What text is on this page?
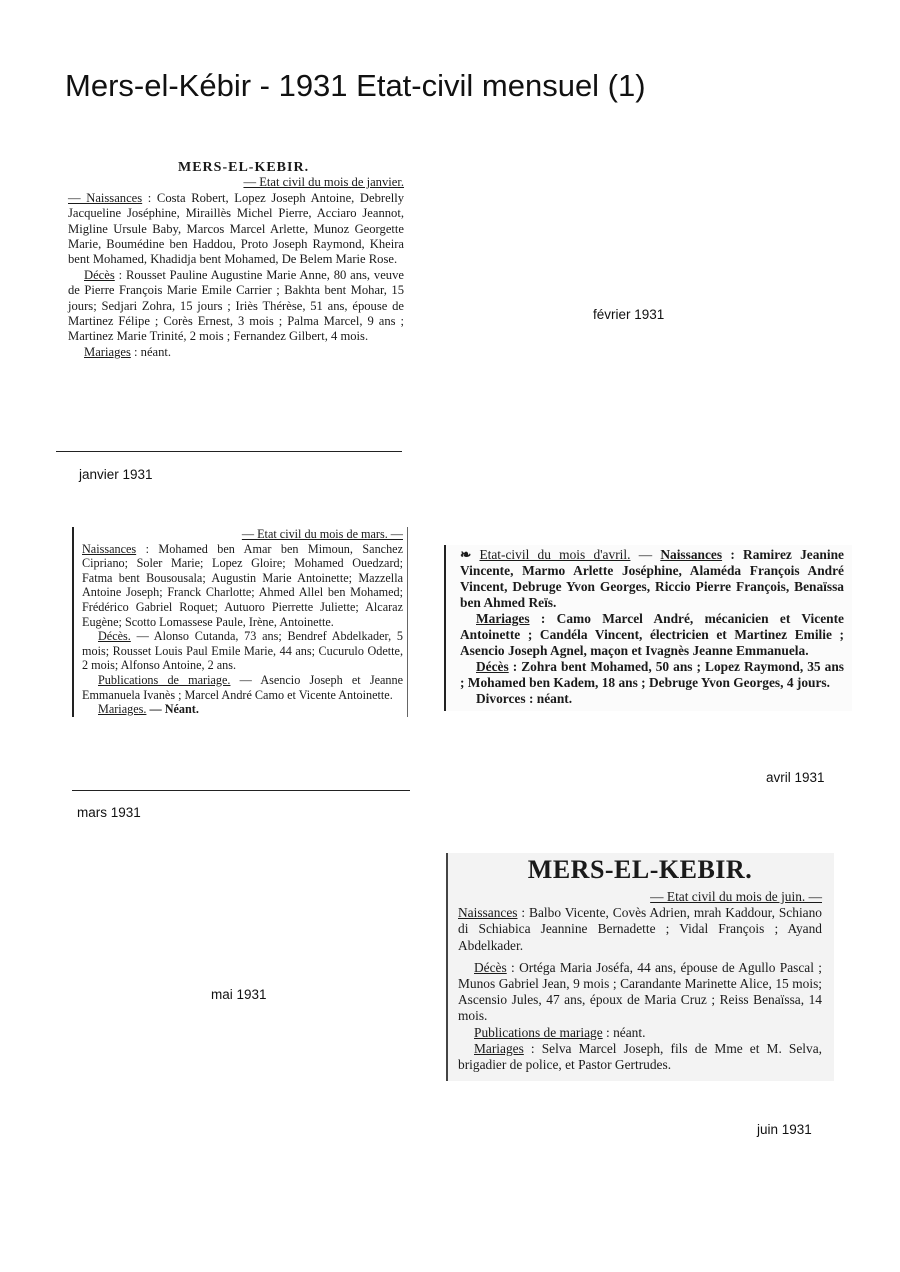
Mers-el-Kébir - 1931 Etat-civil mensuel (1)

MERS-EL-KEBIR.

— Etat civil du mois de janvier.

— Naissances : Costa Robert, Lopez Joseph Antoine, Debrelly Jacqueline Joséphine, Miraillès Michel Pierre, Acciaro Jeannot, Migline Ursule Baby, Marcos Marcel Arlette, Munoz Georgette Marie, Boumédine ben Haddou, Proto Joseph Raymond, Kheira bent Mohamed, Khadidja bent Mohamed, De Belem Marie Rose.

Décès : Rousset Pauline Augustine Marie Anne, 80 ans, veuve de Pierre François Marie Emile Carrier ; Bakhta bent Mohar, 15 jours; Sedjari Zohra, 15 jours ; Iriès Thérèse, 51 ans, épouse de Martinez Félipe ; Corès Ernest, 3 mois ; Palma Marcel, 9 ans ; Martinez Marie Trinité, 2 mois ; Fernandez Gilbert, 4 mois.

Mariages : néant.

janvier 1931
février 1931

— Etat civil du mois de mars. —

Naissances : Mohamed ben Amar ben Mimoun, Sanchez Cipriano; Soler Marie; Lopez Gloire; Mohamed Ouedzard; Fatma bent Bousousala; Augustin Marie Antoinette; Mazzella Antoine Joseph; Franck Charlotte; Ahmed Allel ben Mohamed; Frédérico Gabriel Roquet; Autuoro Pierrette Juliette; Alcaraz Eugène; Scotto Lomassese Paule, Irène, Antoinette.

Décès. — Alonso Cutanda, 73 ans; Bendref Abdelkader, 5 mois; Rousset Louis Paul Emile Marie, 44 ans; Cucurulo Odette, 2 mois; Alfonso Antoine, 2 ans.

Publications de mariage. — Asencio Joseph et Jeanne Emmanuela Ivanès ; Marcel André Camo et Vicente Antoinette.

Mariages. — Néant.

mars 1931

❧ Etat-civil du mois d'avril. — Naissances : Ramirez Jeanine Vincente, Marmo Arlette Joséphine, Alaméda François André Vincent, Debruge Yvon Georges, Riccio Pierre François, Benaïssa ben Ahmed Reïs.

Mariages : Camo Marcel André, mécanicien et Vicente Antoinette ; Candéla Vincent, électricien et Martinez Emilie ; Asencio Joseph Agnel, maçon et Ivagnès Jeanne Emmanuela.

Décès : Zohra bent Mohamed, 50 ans ; Lopez Raymond, 35 ans ; Mohamed ben Kadem, 18 ans ; Debruge Yvon Georges, 4 jours.

Divorces : néant.

avril 1931
mai 1931

MERS-EL-KEBIR.

— Etat civil du mois de juin. —

Naissances : Balbo Vicente, Covès Adrien, mrah Kaddour, Schiano di Schiabica Jeannine Bernadette ; Vidal François ; Ayand Abdelkader.

Décès : Ortéga Maria Joséfa, 44 ans, épouse de Agullo Pascal ; Munos Gabriel Jean, 9 mois ; Carandante Marinette Alice, 15 mois; Ascensio Jules, 47 ans, époux de Maria Cruz ; Reiss Benaïssa, 14 mois.

Publications de mariage : néant.

Mariages : Selva Marcel Joseph, fils de Mme et M. Selva, brigadier de police, et Pastor Gertrudes.

juin 1931
